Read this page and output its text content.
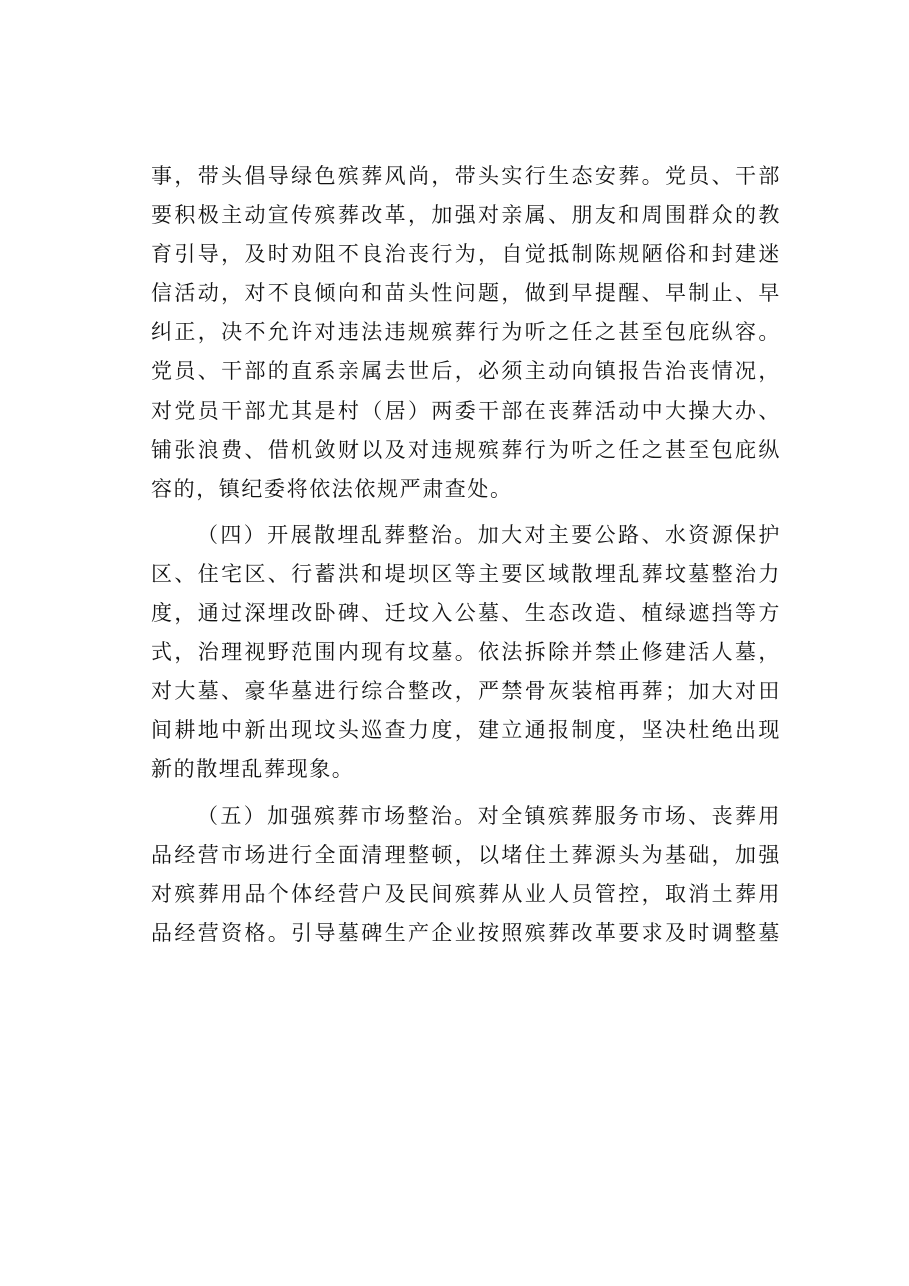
事，带头倡导绿色殡葬风尚，带头实行生态安葬。党员、干部
要积极主动宣传殡葬改革，加强对亲属、朋友和周围群众的教
育引导，及时劝阻不良治丧行为，自觉抵制陈规陋俗和封建迷
信活动，对不良倾向和苗头性问题，做到早提醒、早制止、早
纠正，决不允许对违法违规殡葬行为听之任之甚至包庇纵容。
党员、干部的直系亲属去世后，必须主动向镇报告治丧情况，
对党员干部尤其是村（居）两委干部在丧葬活动中大操大办、
铺张浪费、借机敛财以及对违规殡葬行为听之任之甚至包庇纵
容的，镇纪委将依法依规严肃查处。
（四）开展散埋乱葬整治。加大对主要公路、水资源保护
区、住宅区、行蓄洪和堤坝区等主要区域散埋乱葬坟墓整治力
度，通过深埋改卧碑、迁坟入公墓、生态改造、植绿遮挡等方
式，治理视野范围内现有坟墓。依法拆除并禁止修建活人墓，
对大墓、豪华墓进行综合整改，严禁骨灰装棺再葬；加大对田
间耕地中新出现坟头巡查力度，建立通报制度，坚决杜绝出现
新的散埋乱葬现象。
（五）加强殡葬市场整治。对全镇殡葬服务市场、丧葬用
品经营市场进行全面清理整顿，以堵住土葬源头为基础，加强
对殡葬用品个体经营户及民间殡葬从业人员管控，取消土葬用
品经营资格。引导墓碑生产企业按照殡葬改革要求及时调整墓
